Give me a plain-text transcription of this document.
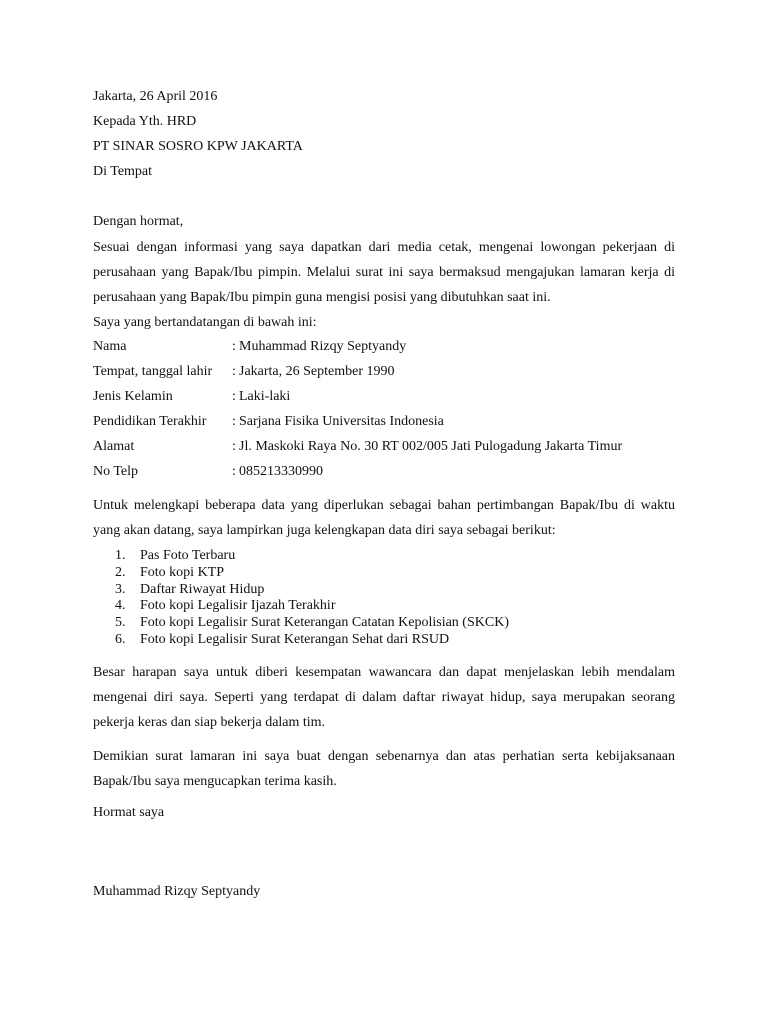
Jakarta, 26 April 2016
Kepada Yth. HRD
PT SINAR SOSRO KPW JAKARTA
Di Tempat
Dengan hormat,

Sesuai dengan informasi yang saya dapatkan dari media cetak, mengenai lowongan pekerjaan di perusahaan yang Bapak/Ibu pimpin. Melalui surat ini saya bermaksud mengajukan lamaran kerja di perusahaan yang Bapak/Ibu pimpin guna mengisi posisi yang dibutuhkan saat ini.

Saya yang bertandatangan di bawah ini:
Nama	: Muhammad Rizqy Septyandy
Tempat, tanggal lahir : Jakarta, 26 September 1990
Jenis Kelamin	: Laki-laki
Pendidikan Terakhir : Sarjana Fisika Universitas Indonesia
Alamat	: Jl. Maskoki Raya No. 30 RT 002/005 Jati Pulogadung Jakarta Timur
No Telp	: 085213330990

Untuk melengkapi beberapa data yang diperlukan sebagai bahan pertimbangan Bapak/Ibu di waktu yang akan datang, saya lampirkan juga kelengkapan data diri saya sebagai berikut:

1. Pas Foto Terbaru
2. Foto kopi KTP
3. Daftar Riwayat Hidup
4. Foto kopi Legalisir Ijazah Terakhir
5. Foto kopi Legalisir Surat Keterangan Catatan Kepolisian (SKCK)
6. Foto kopi Legalisir Surat Keterangan Sehat dari RSUD

Besar harapan saya untuk diberi kesempatan wawancara dan dapat menjelaskan lebih mendalam mengenai diri saya. Seperti yang terdapat di dalam daftar riwayat hidup, saya merupakan seorang pekerja keras dan siap bekerja dalam tim.

Demikian surat lamaran ini saya buat dengan sebenarnya dan atas perhatian serta kebijaksanaan Bapak/Ibu saya mengucapkan terima kasih.

Hormat saya
Muhammad Rizqy Septyandy
